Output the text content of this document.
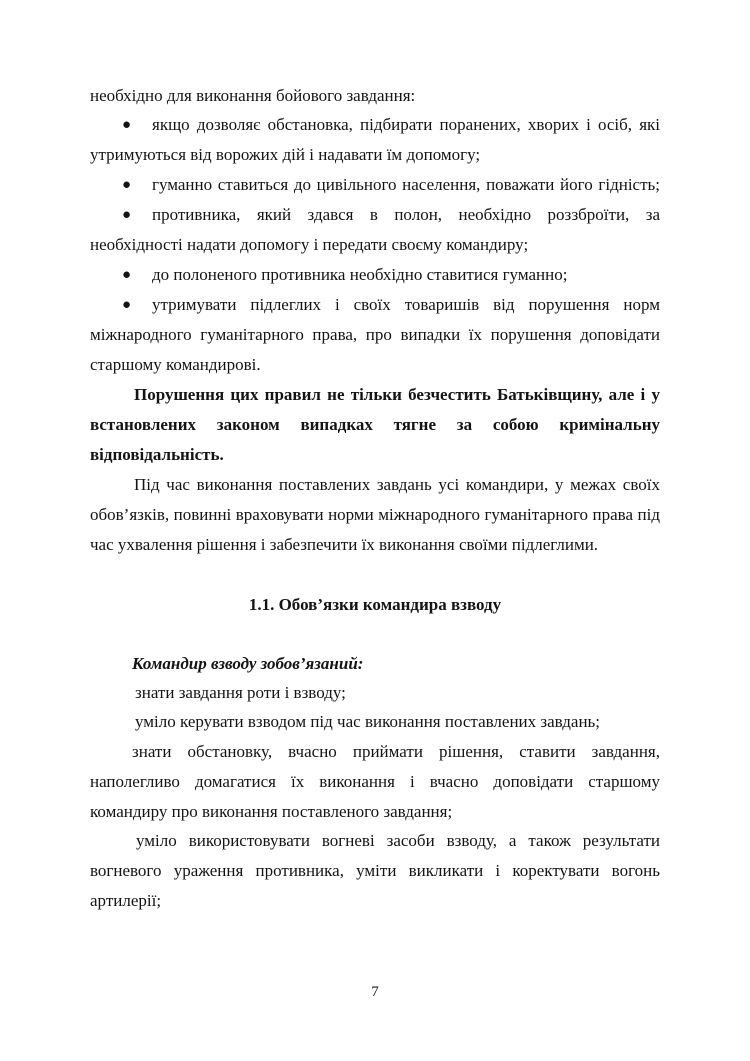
необхідно для виконання бойового завдання:

● якщо дозволяє обстановка, підбирати поранених, хворих і осіб, які
утримуються від ворожих дій і надавати їм допомогу;
● гуманно ставиться до цивільного населення, поважати його гідність;
● противника, який здався в полон, необхідно роззброїти, за
необхідності надати допомогу і передати своєму командиру;
● до полоненого противника необхідно ставитися гуманно;
● утримувати підлеглих і своїх товаришів від порушення норм
міжнародного гуманітарного права, про випадки їх порушення доповідати старшому командирові.

Порушення цих правил не тільки безчестить Батьківщину, але і у встановлених законом випадках тягне за собою кримінальну відповідальність.

Під час виконання поставлених завдань усі командири, у межах своїх обов’язків, повинні враховувати норми міжнародного гуманітарного права під час ухвалення рішення і забезпечити їх виконання своїми підлеглими.

1.1. Обов’язки командира взводу

Командир взводу зобов’язаний:

знати завдання роти і взводу;

уміло керувати взводом під час виконання поставлених завдань;

знати обстановку, вчасно приймати рішення, ставити завдання, наполегливо домагатися їх виконання і вчасно доповідати старшому командиру про виконання поставленого завдання;

уміло використовувати вогневі засоби взводу, а також результати вогневого ураження противника, уміти викликати і коректувати вогонь артилерії;

7
